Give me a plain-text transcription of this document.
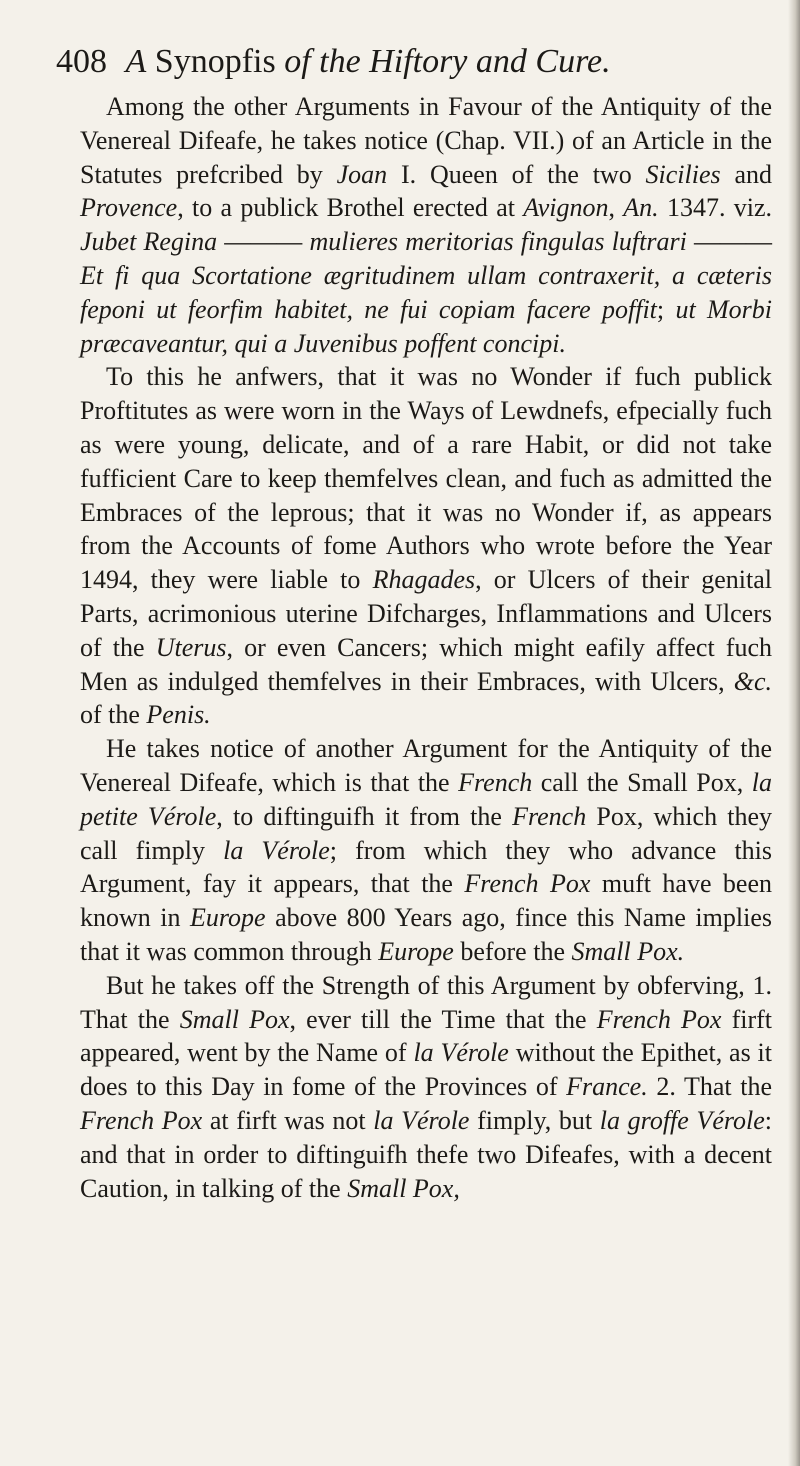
408 A Synopfis of the Hiftory and Cure.

Among the other Arguments in Favour of the Antiquity of the Venereal Difeafe, he takes notice (Chap. VII.) of an Article in the Statutes prefcribed by Joan I. Queen of the two Sicilies and Provence, to a publick Brothel erected at Avignon, An. 1347. viz. Jubet Regina ——— mulieres meritorias fingulas luftrari ——— Et fi qua Scortatione ægritudinem ullam contraxerit, a cæteris feponi ut feorfim habitet, ne fui copiam facere poffit; ut Morbi præcaveantur, qui a Juvenibus poffent concipi.

To this he anfwers, that it was no Wonder if fuch publick Proftitutes as were worn in the Ways of Lewdnefs, efpecially fuch as were young, delicate, and of a rare Habit, or did not take fufficient Care to keep themfelves clean, and fuch as admitted the Embraces of the leprous; that it was no Wonder if, as appears from the Accounts of fome Authors who wrote before the Year 1494, they were liable to Rhagades, or Ulcers of their genital Parts, acrimonious uterine Difcharges, Inflammations and Ulcers of the Uterus, or even Cancers; which might eafily affect fuch Men as indulged themfelves in their Embraces, with Ulcers, &c. of the Penis.

He takes notice of another Argument for the Antiquity of the Venereal Difeafe, which is that the French call the Small Pox, la petite Vérole, to diftinguifh it from the French Pox, which they call fimply la Vérole; from which they who advance this Argument, fay it appears, that the French Pox muft have been known in Europe above 800 Years ago, fince this Name implies that it was common through Europe before the Small Pox.

But he takes off the Strength of this Argument by obferving, 1. That the Small Pox, ever till the Time that the French Pox firft appeared, went by the Name of la Vérole without the Epithet, as it does to this Day in fome of the Provinces of France. 2. That the French Pox at firft was not la Vérole fimply, but la groffe Vérole: and that in order to diftinguifh thefe two Difeafes, with a decent Caution, in talking of the Small Pox,
